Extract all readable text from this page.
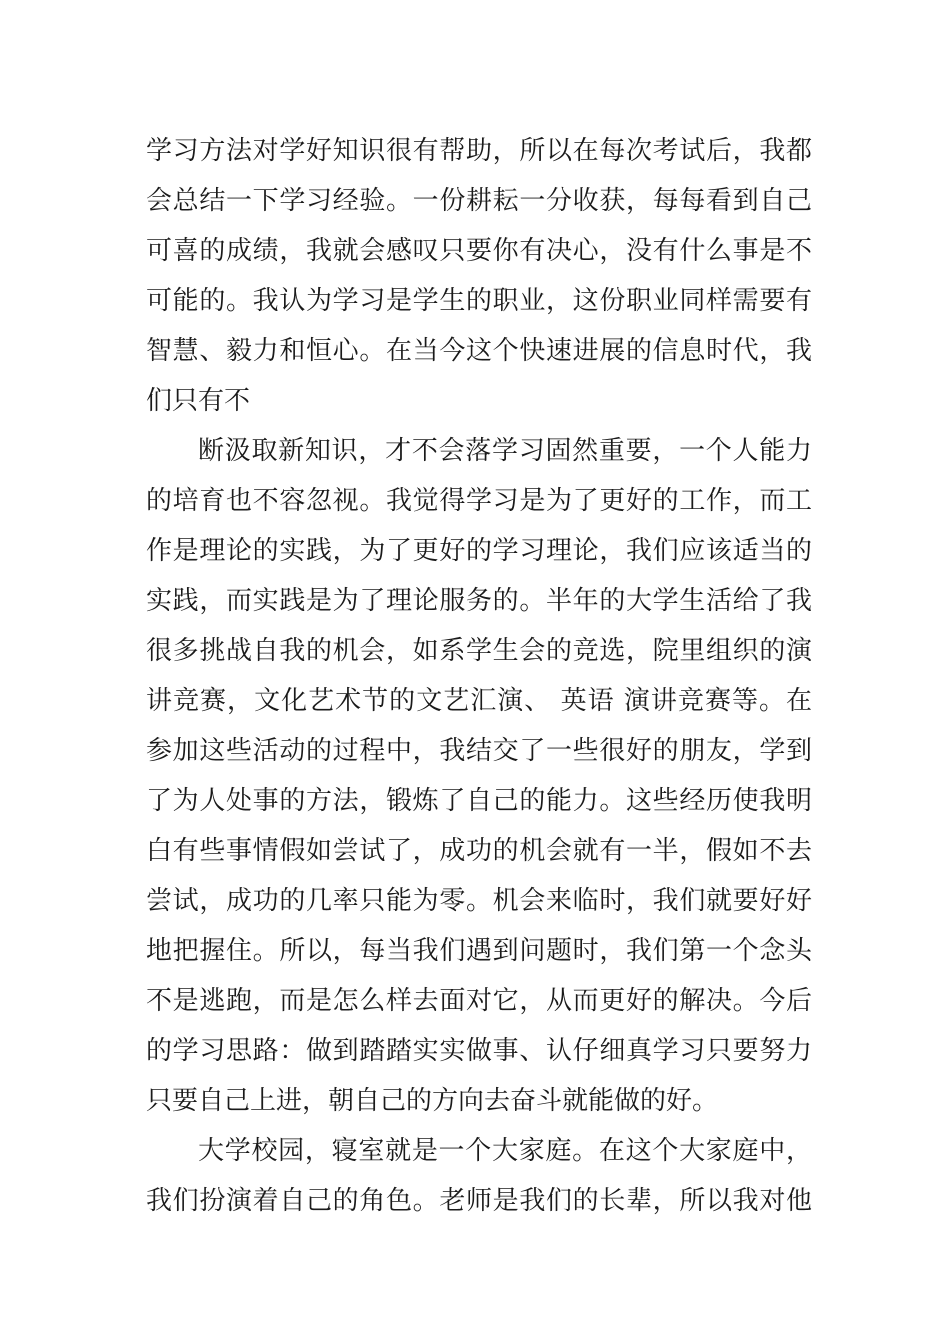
学习方法对学好知识很有帮助，所以在每次考试后，我都
会总结一下学习经验。一份耕耘一分收获，每每看到自己
可喜的成绩，我就会感叹只要你有决心，没有什么事是不
可能的。我认为学习是学生的职业，这份职业同样需要有
智慧、毅力和恒心。在当今这个快速进展的信息时代，我
们只有不
断汲取新知识，才不会落学习固然重要，一个人能力
的培育也不容忽视。我觉得学习是为了更好的工作，而工
作是理论的实践，为了更好的学习理论，我们应该适当的
实践，而实践是为了理论服务的。半年的大学生活给了我
很多挑战自我的机会，如系学生会的竞选，院里组织的演
讲竞赛，文化艺术节的文艺汇演、 英语 演讲竞赛等。在
参加这些活动的过程中，我结交了一些很好的朋友，学到
了为人处事的方法，锻炼了自己的能力。这些经历使我明
白有些事情假如尝试了，成功的机会就有一半，假如不去
尝试，成功的几率只能为零。机会来临时，我们就要好好
地把握住。所以，每当我们遇到问题时，我们第一个念头
不是逃跑，而是怎么样去面对它，从而更好的解决。今后
的学习思路：做到踏踏实实做事、认仔细真学习只要努力
只要自己上进，朝自己的方向去奋斗就能做的好。
大学校园，寝室就是一个大家庭。在这个大家庭中，
我们扮演着自己的角色。老师是我们的长辈，所以我对他
